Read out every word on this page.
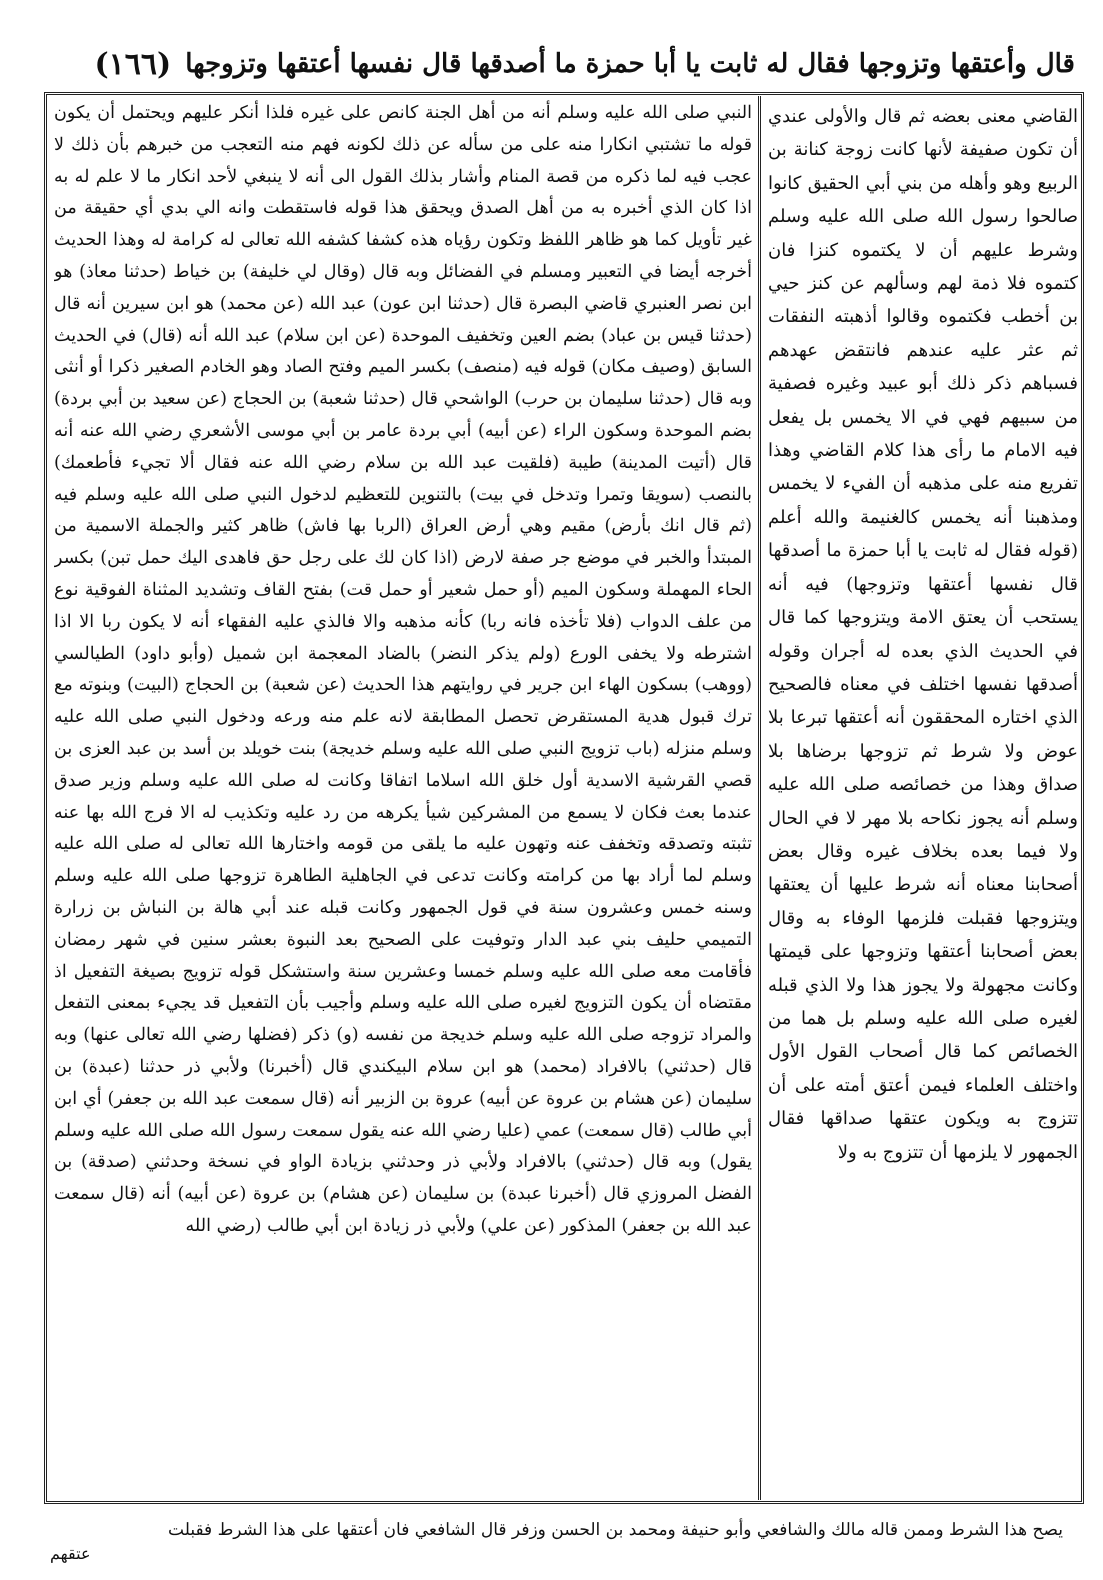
قال وأعتقها وتزوجها فقال له ثابت يا أبا حمزة ما أصدقها قال نفسها أعتقها وتزوجها
(١٦٦)
القاضي معنى بعضه ثم قال والأولى عندي أن تكون صفيفة لأنها كانت زوجة كنانة بن الربيع وهو وأهله من بني أبي الحقيق كانوا صالحوا رسول الله صلى الله عليه وسلم وشرط عليهم أن لا يكتموه كنزا فان كتموه فلا ذمة لهم وسألهم عن كنز حيي بن أخطب فكتموه وقالوا أذهبته النفقات ثم عثر عليه عندهم فانتقض عهدهم فسباهم ذكر ذلك أبو عبيد وغيره فصفية من سبيهم فهي في الا يخمس بل يفعل فيه الامام ما رأى هذا كلام القاضي وهذا تفريع منه على مذهبه أن الفيء لا يخمس ومذهبنا أنه يخمس كالغنيمة والله أعلم (قوله فقال له ثابت يا أبا حمزة ما أصدقها قال نفسها أعتقها وتزوجها) فيه أنه يستحب أن يعتق الامة ويتزوجها كما قال في الحديث الذي بعده له أجران وقوله أصدقها نفسها اختلف في معناه فالصحيح الذي اختاره المحققون أنه أعتقها تبرعا بلا عوض ولا شرط ثم تزوجها برضاها بلا صداق وهذا من خصائصه صلى الله عليه وسلم أنه يجوز نكاحه بلا مهر لا في الحال ولا فيما بعده بخلاف غيره وقال بعض أصحابنا معناه أنه شرط عليها أن يعتقها ويتزوجها فقبلت فلزمها الوفاء به وقال بعض أصحابنا أعتقها وتزوجها على قيمتها وكانت مجهولة ولا يجوز هذا ولا الذي قبله لغيره صلى الله عليه وسلم بل هما من الخصائص كما قال أصحاب القول الأول واختلف العلماء فيمن أعتق أمته على أن تتزوج به ويكون عتقها صداقها فقال الجمهور لا يلزمها أن تتزوج به ولا
النبي صلى الله عليه وسلم أنه من أهل الجنة كانص على غيره فلذا أنكر عليهم ويحتمل أن يكون قوله ما تشتبي انكارا منه على من سأله عن ذلك لكونه فهم منه التعجب من خبرهم بأن ذلك لا عجب فيه لما ذكره من قصة المنام وأشار بذلك القول الى أنه لا ينبغي لأحد انكار ما لا علم له به اذا كان الذي أخبره به من أهل الصدق ويحقق هذا قوله فاستقطت وانه الي بدي أي حقيقة من غير تأويل كما هو ظاهر اللفظ وتكون رؤياه هذه كشفا كشفه الله تعالى له كرامة له وهذا الحديث أخرجه أيضا في التعبير ومسلم في الفضائل وبه قال (وقال لي خليفة) بن خياط (حدثنا معاذ) هو ابن نصر العنبري قاضي البصرة قال (حدثنا ابن عون) عبد الله (عن محمد) هو ابن سيرين أنه قال (حدثنا قيس بن عباد) بضم العين وتخفيف الموحدة (عن ابن سلام) عبد الله أنه (قال) في الحديث السابق (وصيف مكان) قوله فيه (منصف) بكسر الميم وفتح الصاد وهو الخادم الصغير ذكرا أو أنثى وبه قال (حدثنا سليمان بن حرب) الواشحي قال (حدثنا شعبة) بن الحجاج (عن سعيد بن أبي بردة) بضم الموحدة وسكون الراء (عن أبيه) أبي بردة عامر بن أبي موسى الأشعري رضي الله عنه أنه قال (أتيت المدينة) طيبة (فلقيت عبد الله بن سلام رضي الله عنه فقال ألا تجيء فأطعمك) بالنصب (سويقا وتمرا وتدخل في بيت) بالتنوين للتعظيم لدخول النبي صلى الله عليه وسلم فيه (ثم قال انك بأرض) مقيم وهي أرض العراق (الربا بها فاش) ظاهر كثير والجملة الاسمية من المبتدأ والخبر في موضع جر صفة لارض (اذا كان لك على رجل حق فاهدى اليك حمل تبن) بكسر الحاء المهملة وسكون الميم (أو حمل شعير أو حمل قت) بفتح القاف وتشديد المثناة الفوقية نوع من علف الدواب (فلا تأخذه فانه ربا) كأنه مذهبه والا فالذي عليه الفقهاء أنه لا يكون ربا الا اذا اشترطه ولا يخفى الورع (ولم يذكر النضر) بالضاد المعجمة ابن شميل (وأبو داود) الطيالسي (ووهب) بسكون الهاء ابن جرير في روايتهم هذا الحديث (عن شعبة) بن الحجاج (البيت) وبنوته مع ترك قبول هدية المستقرض تحصل المطابقة لانه علم منه ورعه ودخول النبي صلى الله عليه وسلم منزله (باب تزويج النبي صلى الله عليه وسلم خديجة) بنت خويلد بن أسد بن عبد العزى بن قصي القرشية الاسدية أول خلق الله اسلاما اتفاقا وكانت له صلى الله عليه وسلم وزير صدق عندما بعث فكان لا يسمع من المشركين شيأ يكرهه من رد عليه وتكذيب له الا فرج الله بها عنه تثبته وتصدقه وتخفف عنه وتهون عليه ما يلقى من قومه واختارها الله تعالى له صلى الله عليه وسلم لما أراد بها من كرامته وكانت تدعى في الجاهلية الطاهرة تزوجها صلى الله عليه وسلم وسنه خمس وعشرون سنة في قول الجمهور وكانت قبله عند أبي هالة بن النباش بن زرارة التميمي حليف بني عبد الدار وتوفيت على الصحيح بعد النبوة بعشر سنين في شهر رمضان فأقامت معه صلى الله عليه وسلم خمسا وعشرين سنة واستشكل قوله تزويج بصيغة التفعيل اذ مقتضاه أن يكون التزويج لغيره صلى الله عليه وسلم وأجيب بأن التفعيل قد يجيء بمعنى التفعل والمراد تزوجه صلى الله عليه وسلم خديجة من نفسه (و) ذكر (فضلها رضي الله تعالى عنها) وبه قال (حدثني) بالافراد (محمد) هو ابن سلام البيكندي قال (أخبرنا) ولأبي ذر حدثنا (عبدة) بن سليمان (عن هشام بن عروة عن أبيه) عروة بن الزبير أنه (قال سمعت عبد الله بن جعفر) أي ابن أبي طالب (قال سمعت) عمي (عليا رضي الله عنه يقول سمعت رسول الله صلى الله عليه وسلم يقول) وبه قال (حدثني) بالافراد ولأبي ذر وحدثني بزيادة الواو في نسخة وحدثني (صدقة) بن الفضل المروزي قال (أخبرنا عبدة) بن سليمان (عن هشام) بن عروة (عن أبيه) أنه (قال سمعت عبد الله بن جعفر) المذكور (عن علي) ولأبي ذر زيادة ابن أبي طالب (رضي الله
يصح هذا الشرط وممن قاله مالك والشافعي وأبو حنيفة ومحمد بن الحسن وزفر قال الشافعي فان أعتقها على هذا الشرط فقبلت
عتقهم
